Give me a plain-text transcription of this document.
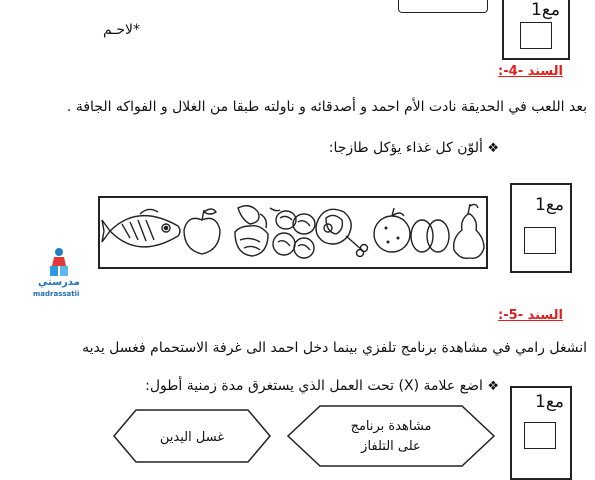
مع1
*لاحـم
السند -4-:
بعد اللعب في الحديقة نادت الأم احمد و أصدقائه و ناولته طبقا من الغلال و الفواكه الجافة .
❖ ألوّن كل غذاء يؤكل طازجا:
مع1
مدرستي
madrassatii
السند -5-:
انشغل رامي في مشاهدة برنامج تلفزي بينما دخل احمد الى غرفة الاستحمام فغسل يديه
❖ اضع علامة (X) تحت العمل الذي يستغرق مدة زمنية أطول:
مع1
غسل اليدين
مشاهدة برنامج
على التلفاز
